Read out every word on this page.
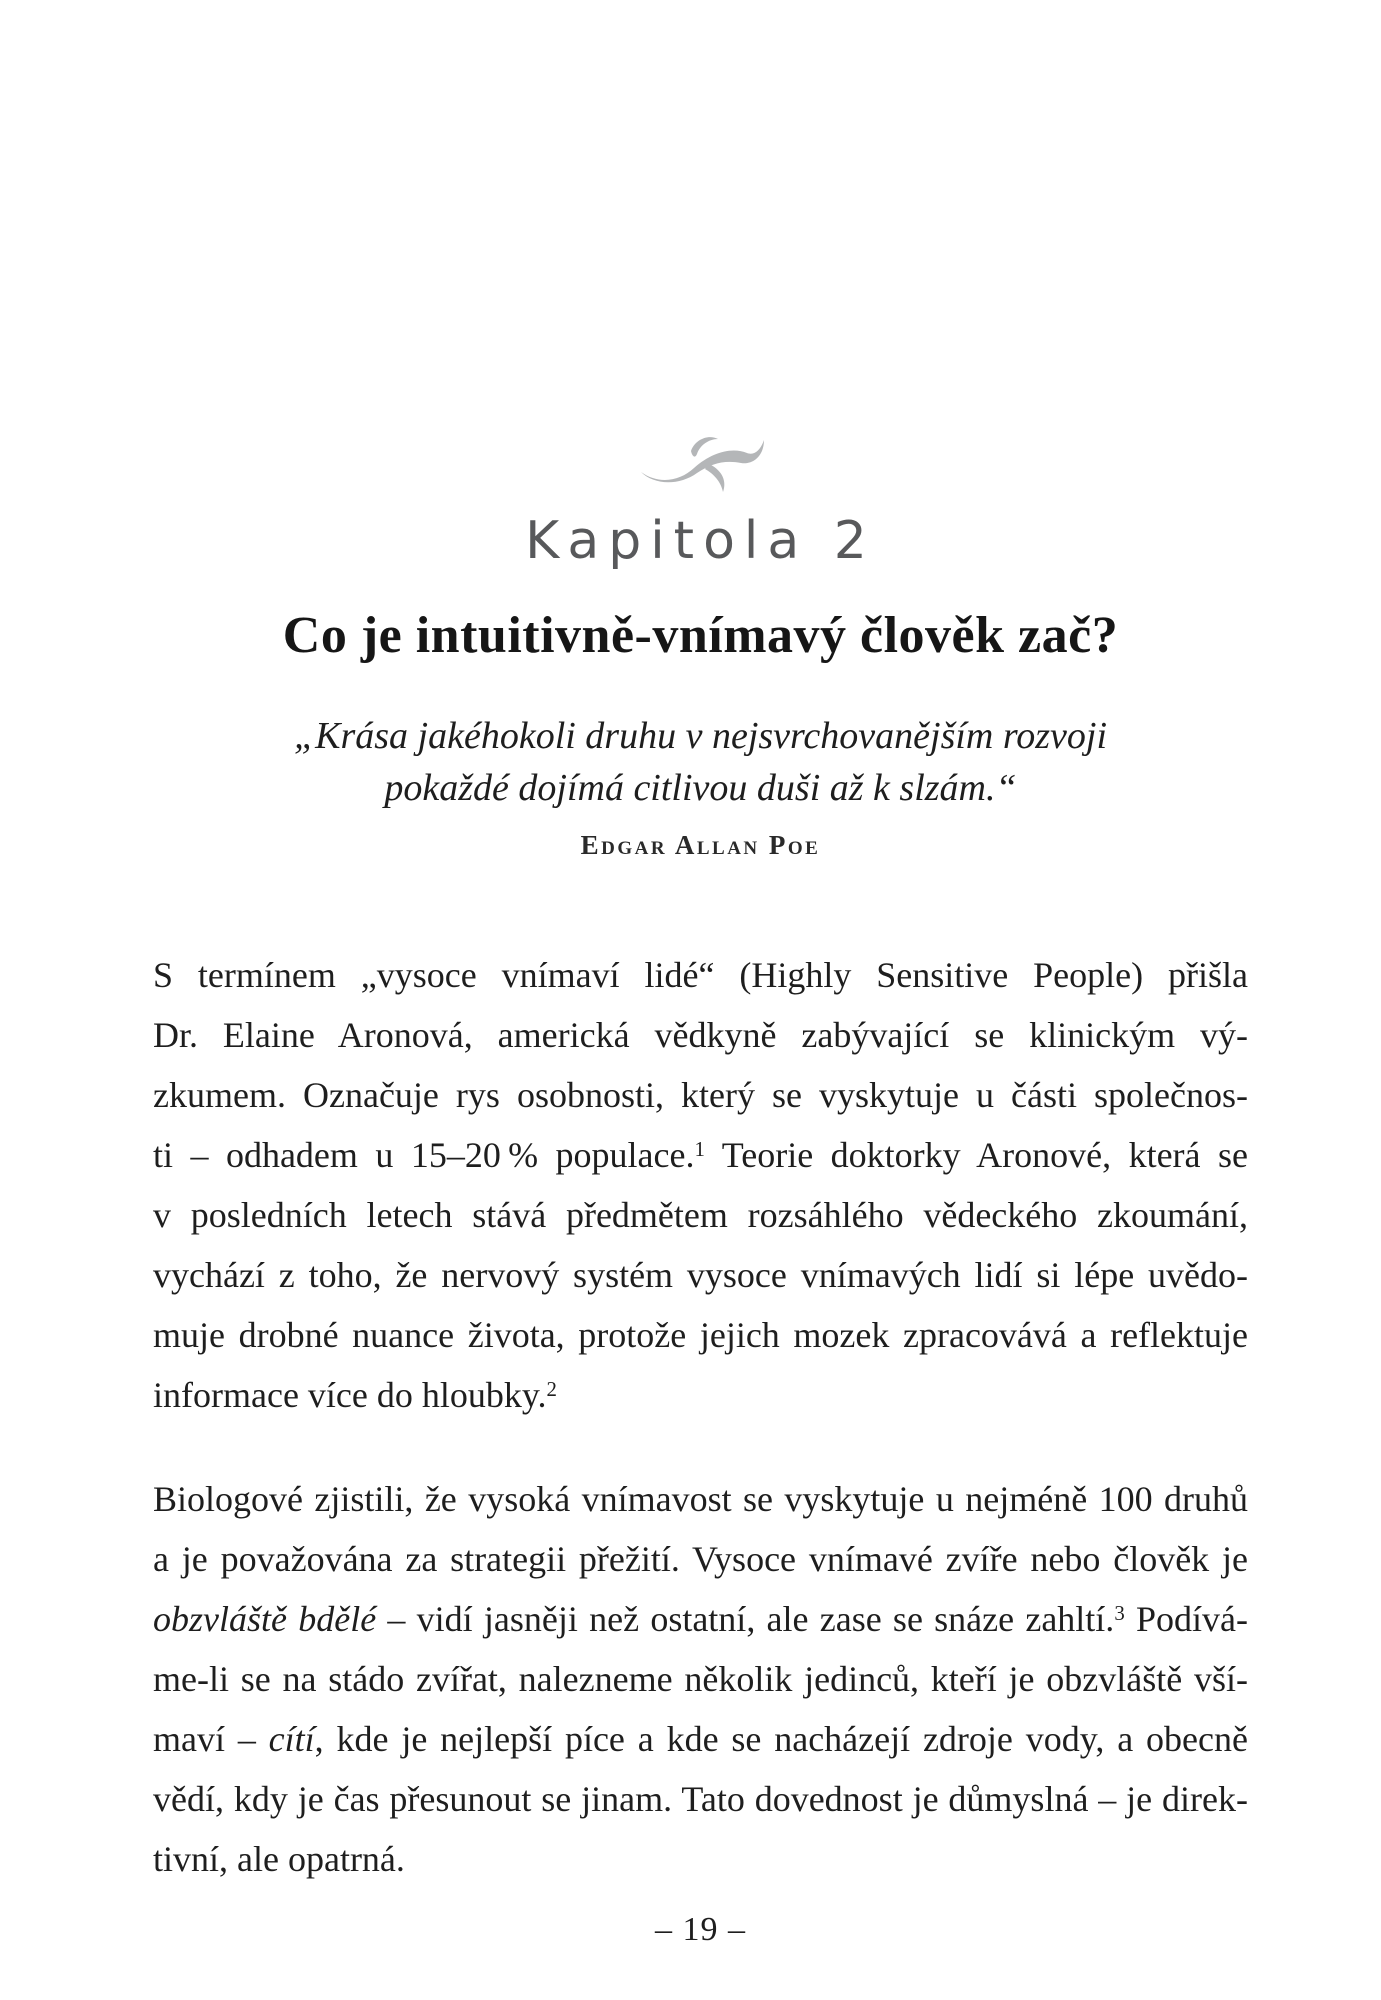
Kapitola 2
Co je intuitivně-vnímavý člověk zač?
„Krása jakéhokoli druhu v nejsvrchovanějším rozvoji
pokaždé dojímá citlivou duši až k slzám.“
Edgar Allan Poe
S termínem „vysoce vnímaví lidé“ (Highly Sensitive People) přišla
Dr. Elaine Aronová, americká vědkyně zabývající se klinickým vý-
zkumem. Označuje rys osobnosti, který se vyskytuje u části společnos-
ti – odhadem u 15–20 % populace.$^1$ Teorie doktorky Aronové, která se
v posledních letech stává předmětem rozsáhlého vědeckého zkoumání,
vychází z toho, že nervový systém vysoce vnímavých lidí si lépe uvědo-
muje drobné nuance života, protože jejich mozek zpracovává a reflektuje
informace více do hloubky.$^2$
Biologové zjistili, že vysoká vnímavost se vyskytuje u nejméně 100 druhů
a je považována za strategii přežití. Vysoce vnímavé zvíře nebo člověk je
obzvláště bdělé – vidí jasněji než ostatní, ale zase se snáze zahltí.$^3$ Podívá-
me-li se na stádo zvířat, nalezneme několik jedinců, kteří je obzvláště vší-
maví – cítí, kde je nejlepší píce a kde se nacházejí zdroje vody, a obecně
vědí, kdy je čas přesunout se jinam. Tato dovednost je důmyslná – je direk-
tivní, ale opatrná.
– 19 –
